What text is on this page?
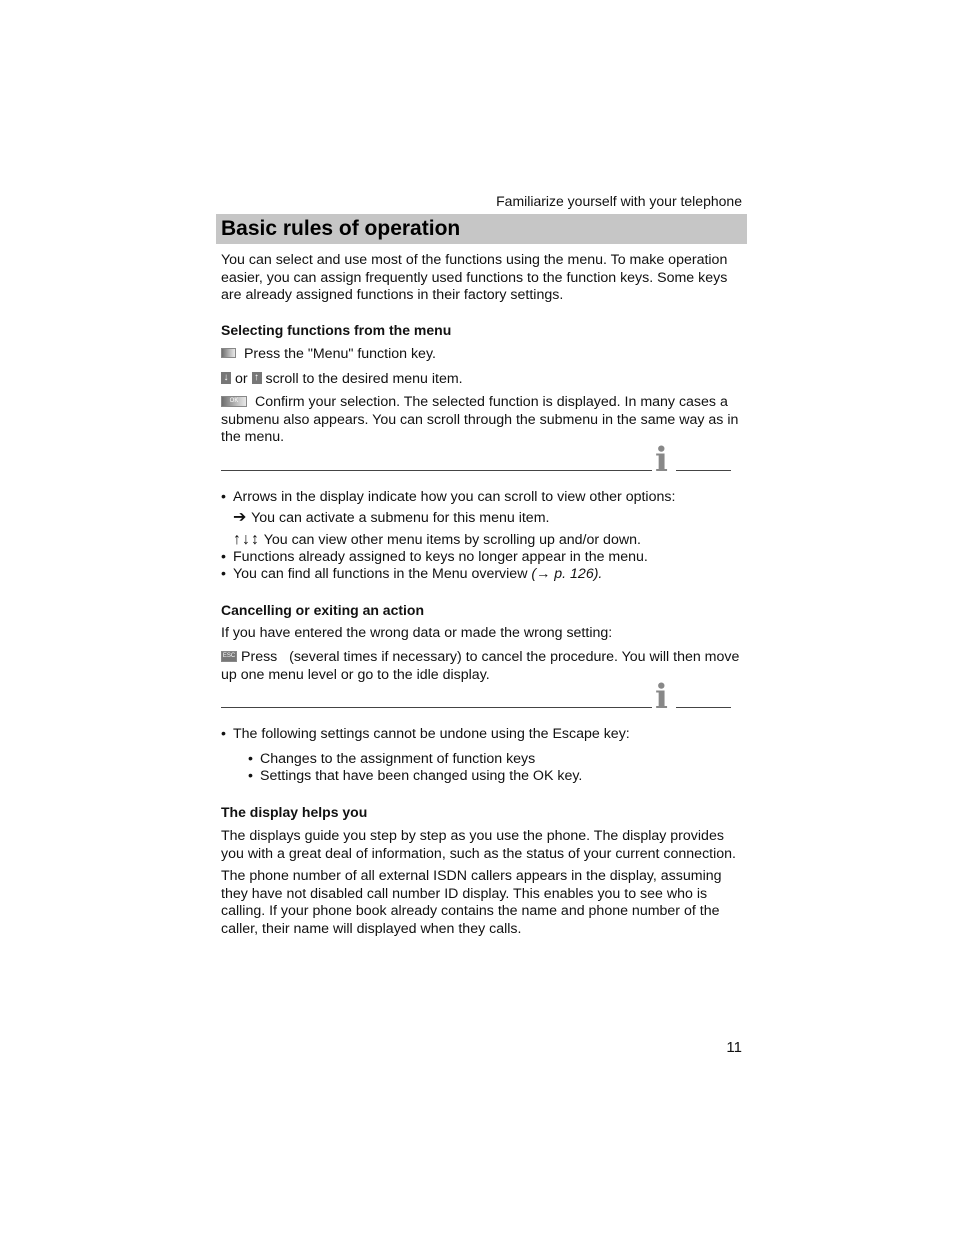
Familiarize yourself with your telephone
Basic rules of operation
You can select and use most of the functions using the menu. To make operation easier, you can assign frequently used functions to the function keys. Some keys are already assigned functions in their factory settings.
Selecting functions from the menu
Press the "Menu" function key.
↓ or ↑ scroll to the desired menu item.
OK Confirm your selection. The selected function is displayed. In many cases a submenu also appears. You can scroll through the submenu in the same way as in the menu.
i
• Arrows in the display indicate how you can scroll to view other options:
➔ You can activate a submenu for this menu item.
↑↓↕ You can view other menu items by scrolling up and/or down.
• Functions already assigned to keys no longer appear in the menu.
• You can find all functions in the Menu overview (→ p. 126).
Cancelling or exiting an action
If you have entered the wrong data or made the wrong setting:
ESC Press (several times if necessary) to cancel the procedure. You will then move up one menu level or go to the idle display.
i
• The following settings cannot be undone using the Escape key:
• Changes to the assignment of function keys
• Settings that have been changed using the OK key.
The display helps you
The displays guide you step by step as you use the phone. The display provides you with a great deal of information, such as the status of your current connection.
The phone number of all external ISDN callers appears in the display, assuming they have not disabled call number ID display. This enables you to see who is calling. If your phone book already contains the name and phone number of the caller, their name will displayed when they calls.
11
